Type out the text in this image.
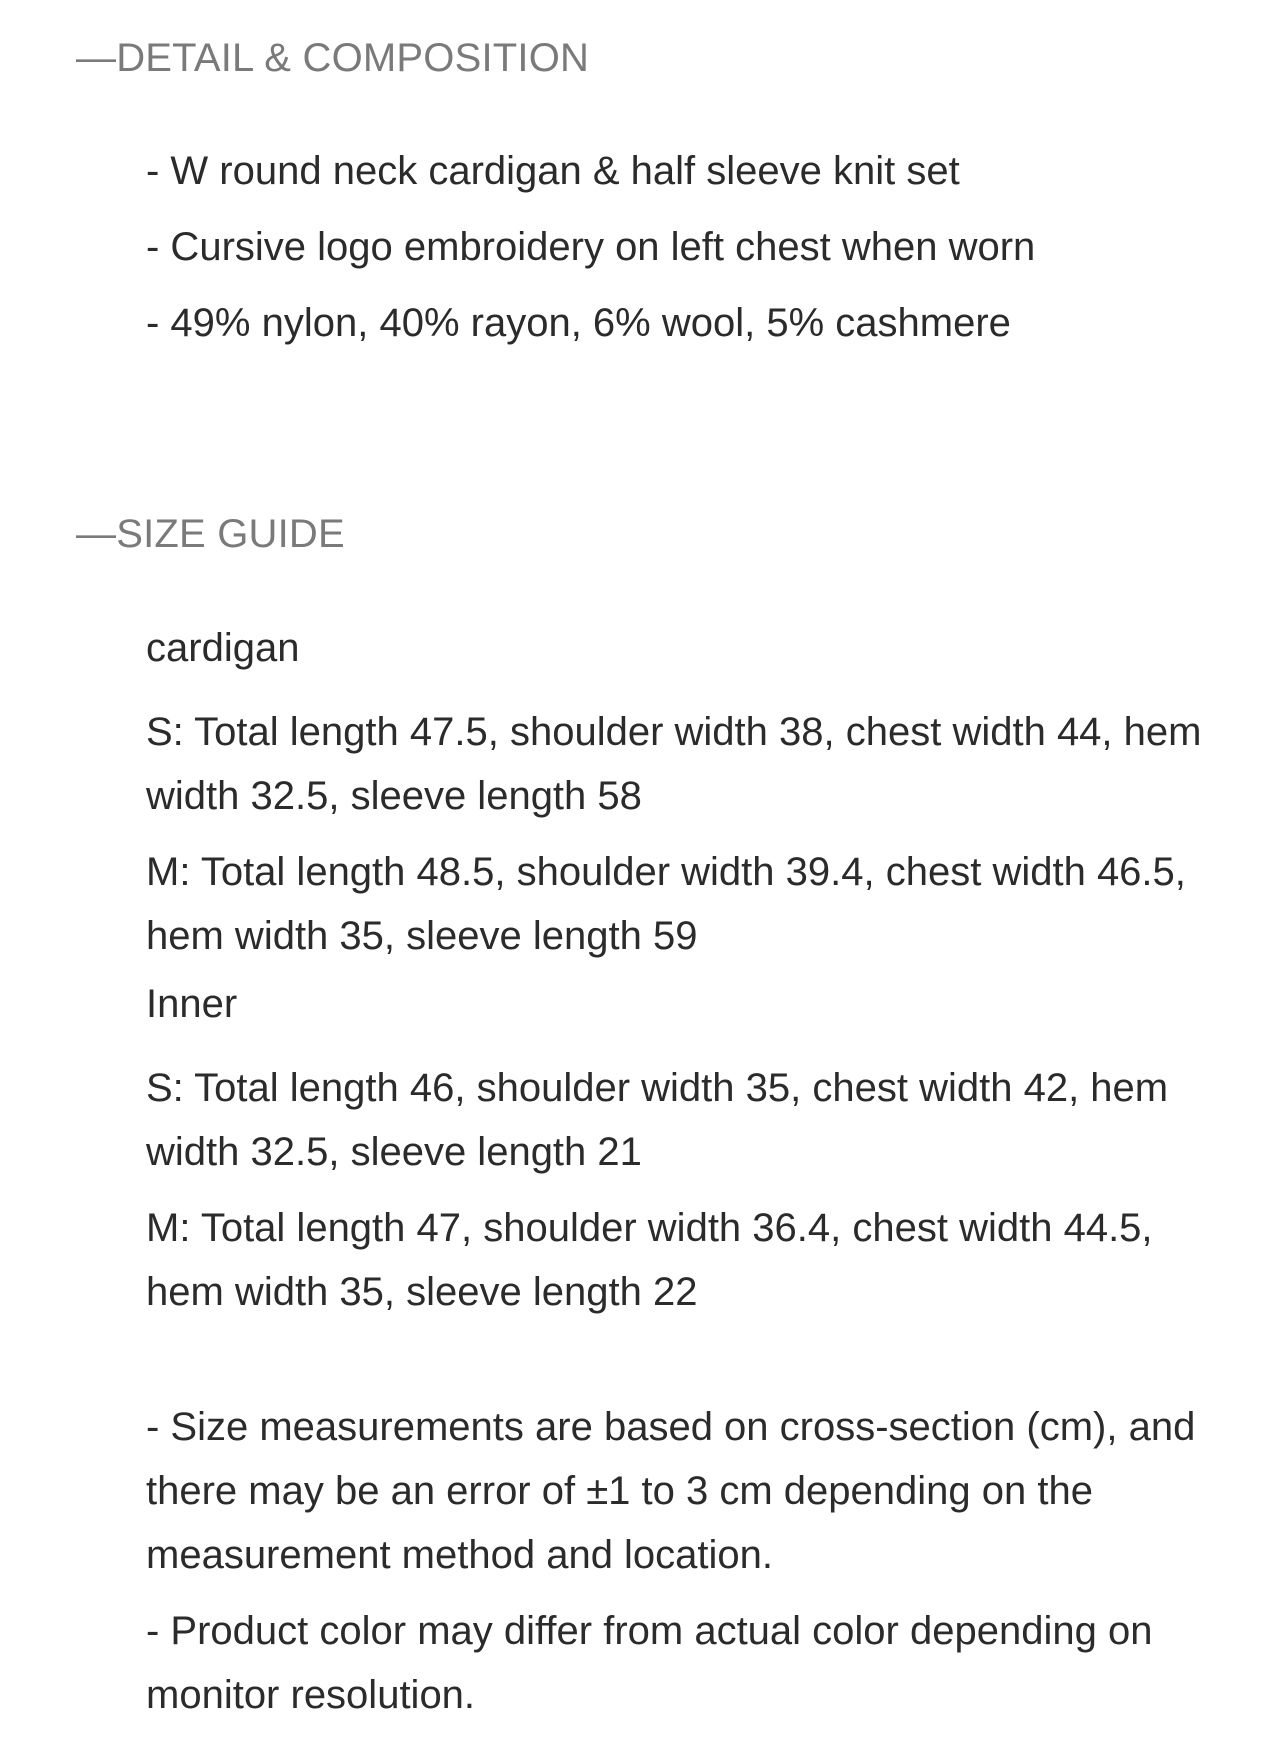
—DETAIL & COMPOSITION
- W round neck cardigan & half sleeve knit set
- Cursive logo embroidery on left chest when worn
- 49% nylon, 40% rayon, 6% wool, 5% cashmere
—SIZE GUIDE

cardigan

S: Total length 47.5, shoulder width 38, chest width 44, hem width 32.5, sleeve length 58

M: Total length 48.5, shoulder width 39.4, chest width 46.5, hem width 35, sleeve length 59

Inner

S: Total length 46, shoulder width 35, chest width 42, hem width 32.5, sleeve length 21

M: Total length 47, shoulder width 36.4, chest width 44.5, hem width 35, sleeve length 22

- Size measurements are based on cross-section (cm), and there may be an error of ±1 to 3 cm depending on the measurement method and location.

- Product color may differ from actual color depending on monitor resolution.
